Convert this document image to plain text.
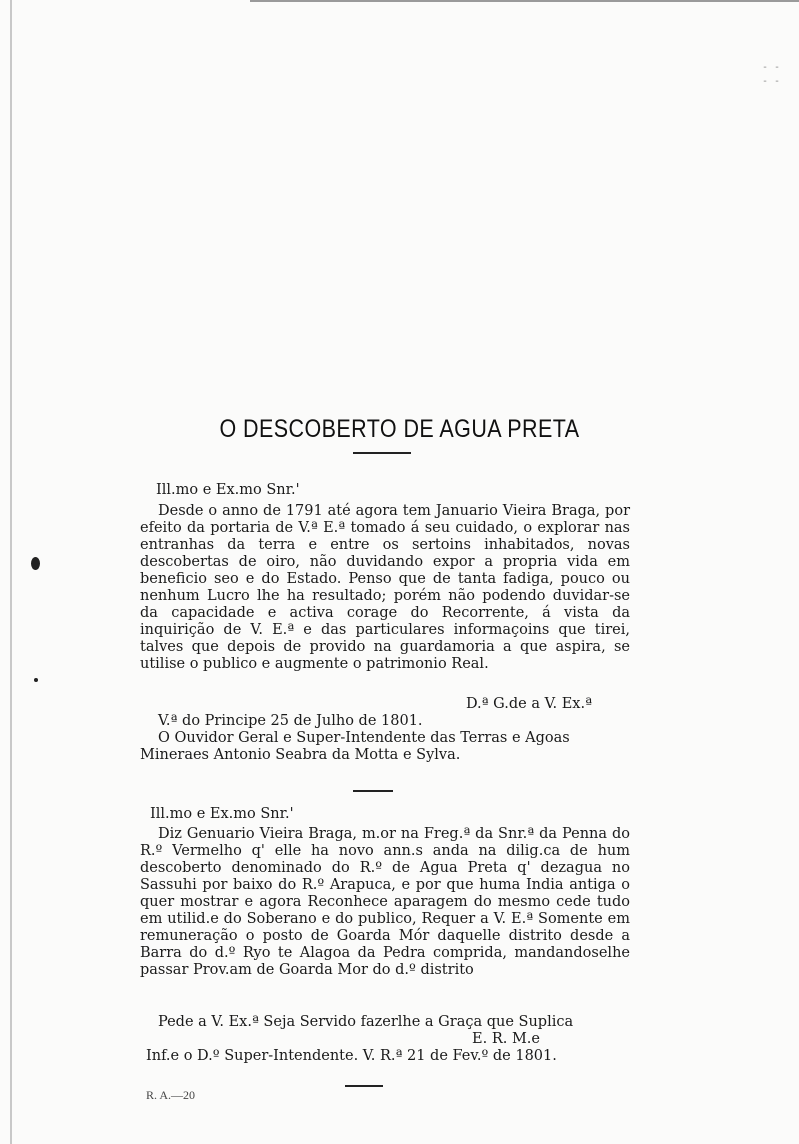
- -
- -
O DESCOBERTO DE AGUA PRETA
Ill.mo e Ex.mo Snr.'

Desde o anno de 1791 até agora tem Januario Vieira Braga, por efeito da portaria de V.ª E.ª tomado á seu cuidado, o explorar nas entranhas da terra e entre os sertoins inhabitados, novas descobertas de oiro, não duvidando expor a propria vida em beneficio seo e do Estado. Penso que de tanta fadiga, pouco ou nenhum Lucro lhe ha resultado; porém não podendo duvidar-se da capacidade e activa corage do Recorrente, á vista da inquirição de V. E.ª e das particulares informaçoins que tirei, talves que depois de provido na guardamoria a que aspira, se utilise o publico e augmente o patrimonio Real.

D.ª G.de a V. Ex.ª
V.ª do Principe 25 de Julho de 1801.
O Ouvidor Geral e Super-Intendente das Terras e Agoas Mineraes Antonio Seabra da Motta e Sylva.
Ill.mo e Ex.mo Snr.'

Diz Genuario Vieira Braga, m.or na Freg.ª da Snr.ª da Penna do R.º Vermelho q' elle ha novo ann.s anda na dilig.ca de hum descoberto denominado do R.º de Agua Preta q' dezagua no Sassuhi por baixo do R.º Arapuca, e por que huma India antiga o quer mostrar e agora Reconhece aparagem do mesmo cede tudo em utilid.e do Soberano e do publico, Requer a V. E.ª Somente em remuneração o posto de Goarda Mór daquelle distrito desde a Barra do d.º Ryo te Alagoa da Pedra comprida, mandandoselhe passar Prov.am de Goarda Mor do d.º distrito

Pede a V. Ex.ª Seja Servido fazerlhe a Graça que Suplica
E. R. M.e
Inf.e o D.º Super-Intendente. V. R.ª 21 de Fev.º de 1801.
R. A.—20
